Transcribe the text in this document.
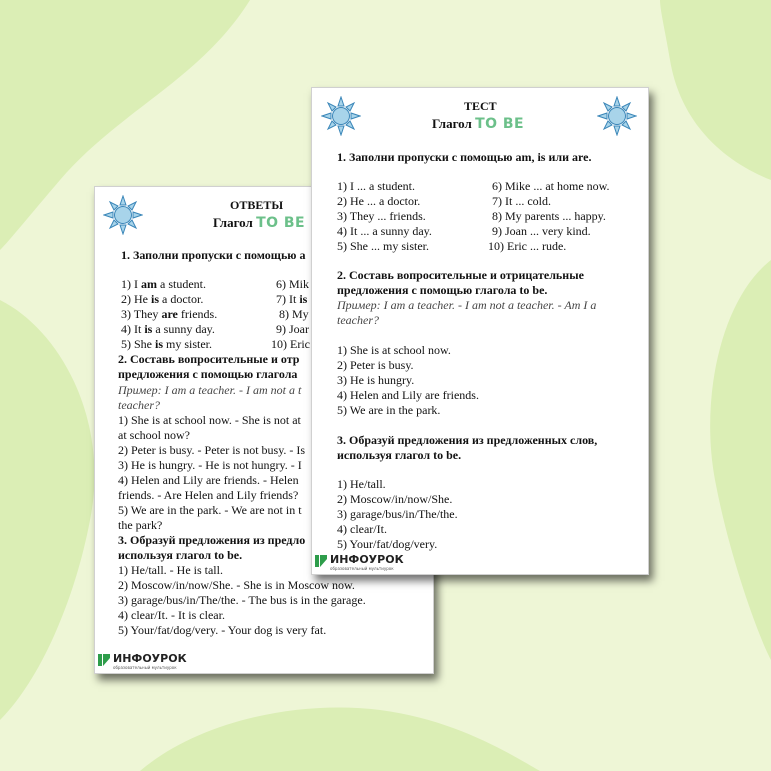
ОТВЕТЫ
Глагол TO BE
1. Заполни пропуски с помощью a
1) I am a student.
2) He is a doctor.
3) They are friends.
4) It is a sunny day.
5) She is my sister.
6) Mik
7) It is
8) My
9) Joar
10) Eric
2. Составь вопросительные и отр
предложения с помощью глагола
Пример: I am a teacher. - I am not a t
teacher?
1) She is at school now. - She is not at
at school now?
2) Peter is busy. - Peter is not busy. - Is
3) He is hungry. - He is not hungry. - I
4) Helen and Lily are friends. - Helen
friends. - Are Helen and Lily friends?
5) We are in the park. - We are not in t
the park?
3. Образуй предложения из предло
используя глагол to be.
1) He/tall. - He is tall.
2) Moscow/in/now/She. - She is in Moscow now.
3) garage/bus/in/The/the. - The bus is in the garage.
4) clear/It. - It is clear.
5) Your/fat/dog/very. - Your dog is very fat.
ИНФОУРОК
образовательный мультиурок
ТЕСТ
Глагол TO BE
1. Заполни пропуски с помощью am, is или are.
1) I ... a student.
2) He ... a doctor.
3) They ... friends.
4) It ... a sunny day.
5) She ... my sister.
6) Mike ... at home now.
7) It ... cold.
8) My parents ... happy.
9) Joan ... very kind.
10) Eric ... rude.
2. Составь вопросительные и отрицательные
предложения с помощью глагола to be.
Пример: I am a teacher. - I am not a teacher. - Am I a
teacher?
1) She is at school now.
2) Peter is busy.
3) He is hungry.
4) Helen and Lily are friends.
5) We are in the park.
3. Образуй предложения из предложенных слов,
используя глагол to be.
1) He/tall.
2) Moscow/in/now/She.
3) garage/bus/in/The/the.
4) clear/It.
5) Your/fat/dog/very.
ИНФОУРОК
образовательный мультиурок
